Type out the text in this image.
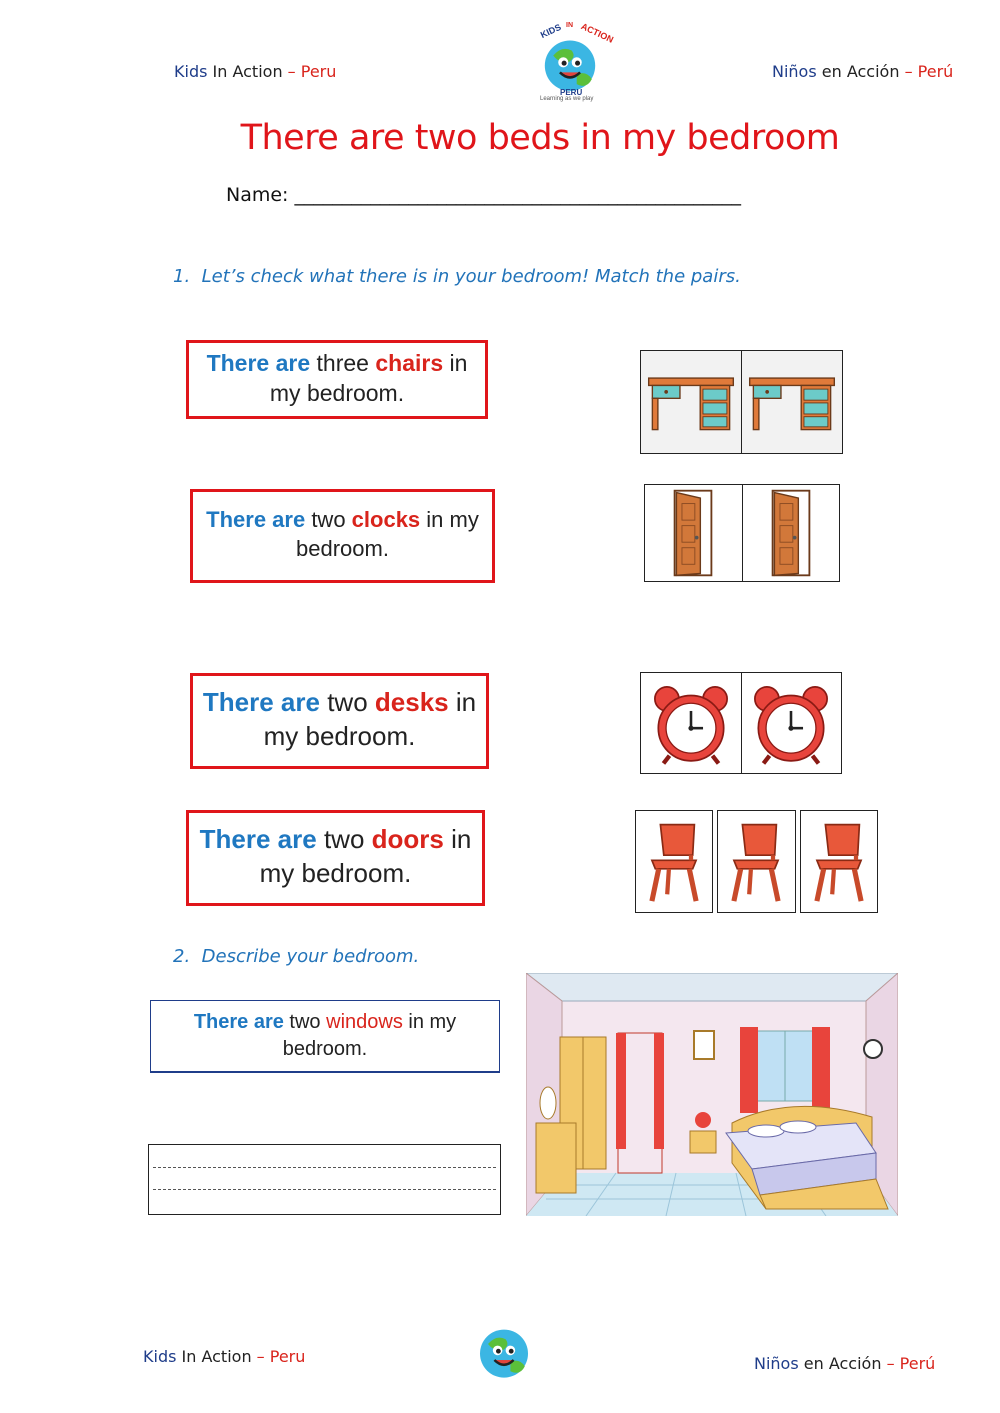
Kids In Action – Peru
KIDS IN ACTION
PERU
Learning as we play
Niños en Acción – Perú
There are two beds in my bedroom
Name: _______________________________________________
1. Let’s check what there is in your bedroom! Match the pairs.
There are three chairs in my bedroom.
There are two clocks in my bedroom.
There are two desks in my bedroom.
There are two doors in my bedroom.
2. Describe your bedroom.
There are two windows in my bedroom.
Kids In Action – Peru	Niños en Acción – Perú
